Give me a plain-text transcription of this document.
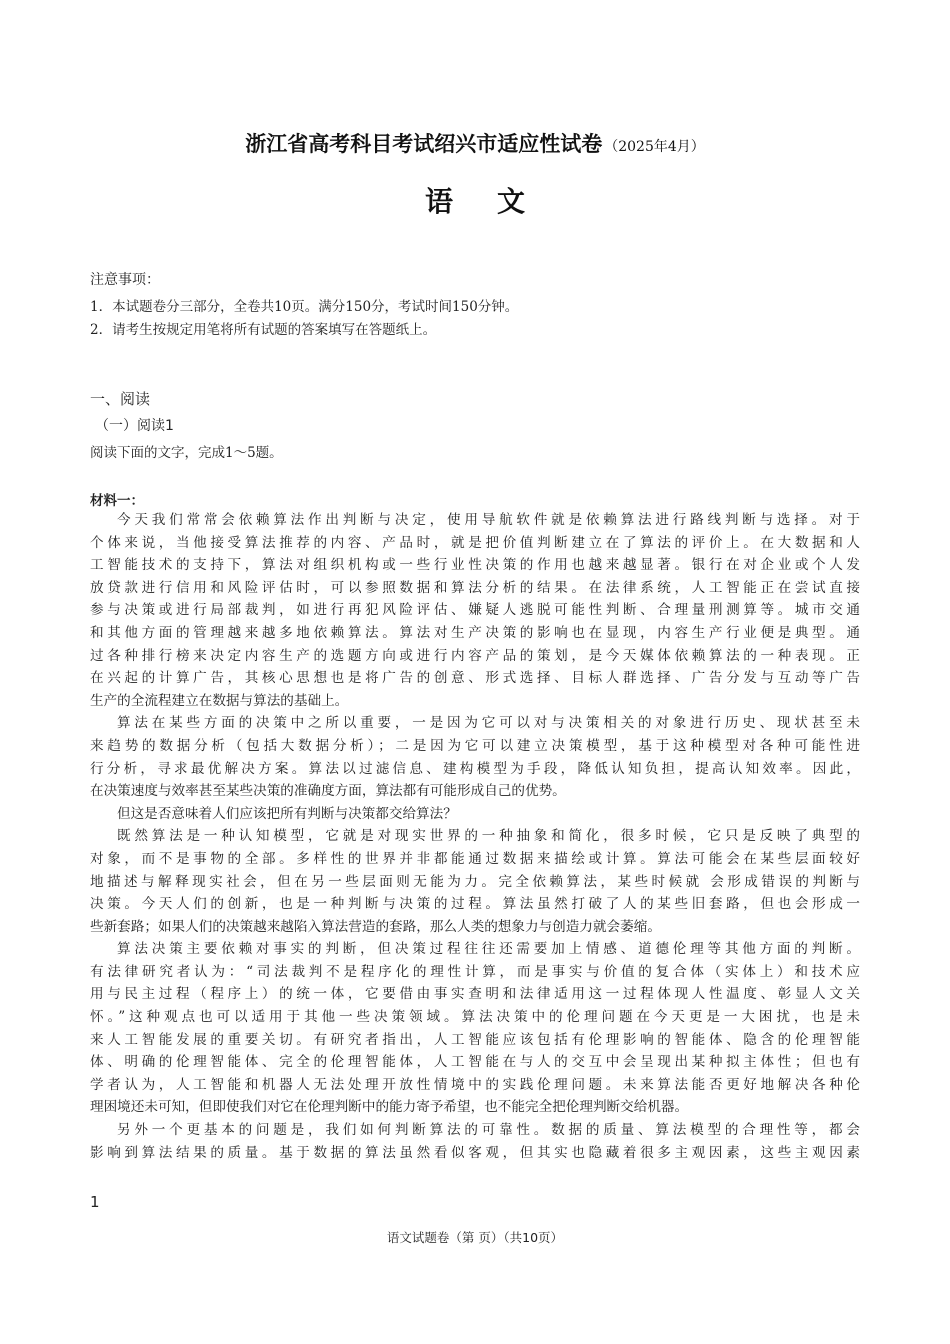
浙江省高考科目考试绍兴市适应性试卷 （2025年4月）
语文
注意事项：
1．本试题卷分三部分，全卷共10页。满分150分，考试时间150分钟。
2．请考生按规定用笔将所有试题的答案填写在答题纸上。
一、阅读
（一）阅读1
阅读下面的文字，完成1～5题。
材料一：
今天我们常常会依赖算法作出判断与决定，使用导航软件就是依赖算法进行路线判断与选择。对于
个体来说，当他接受算法推荐的内容、产品时，就是把价值判断建立在了算法的评价上。在大数据和人
工智能技术的支持下，算法对组织机构或一些行业性决策的作用也越来越显著。银行在对企业或个人发
放贷款进行信用和风险评估时，可以参照数据和算法分析的结果。在法律系统，人工智能正在尝试直接
参与决策或进行局部裁判，如进行再犯风险评估、嫌疑人逃脱可能性判断、合理量刑测算等。城市交通
和其他方面的管理越来越多地依赖算法。算法对生产决策的影响也在显现，内容生产行业便是典型。通
过各种排行榜来决定内容生产的选题方向或进行内容产品的策划，是今天媒体依赖算法的一种表现。正
在兴起的计算广告，其核心思想也是将广告的创意、形式选择、目标人群选择、广告分发与互动等广告
生产的全流程建立在数据与算法的基础上。
算法在某些方面的决策中之所以重要，一是因为它可以对与决策相关的对象进行历史、现状甚至未
来趋势的数据分析（包括大数据分析）；二是因为它可以建立决策模型，基于这种模型对各种可能性进
行分析，寻求最优解决方案。算法以过滤信息、建构模型为手段，降低认知负担，提高认知效率。因此，
在决策速度与效率甚至某些决策的准确度方面，算法都有可能形成自己的优势。
但这是否意味着人们应该把所有判断与决策都交给算法？
既然算法是一种认知模型，它就是对现实世界的一种抽象和简化，很多时候，它只是反映了典型的
对象，而不是事物的全部。多样性的世界并非都能通过数据来描绘或计算。算法可能会在某些层面较好
地描述与解释现实社会，但在另一些层面则无能为力。完全依赖算法，某些时候就 会形成错误的判断与
决策。今天人们的创新，也是一种判断与决策的过程。算法虽然打破了人的某些旧套路，但也会形成一
些新套路；如果人们的决策越来越陷入算法营造的套路，那么人类的想象力与创造力就会萎缩。
算法决策主要依赖对事实的判断，但决策过程往往还需要加上情感、道德伦理等其他方面的判断。
有法律研究者认为：“司法裁判不是程序化的理性计算，而是事实与价值的复合体（实体上）和技术应
用与民主过程（程序上）的统一体，它要借由事实查明和法律适用这一过程体现人性温度、彰显人文关
怀。”这种观点也可以适用于其他一些决策领域。算法决策中的伦理问题在今天更是一大困扰，也是未
来人工智能发展的重要关切。有研究者指出，人工智能应该包括有伦理影响的智能体、隐含的伦理智能
体、明确的伦理智能体、完全的伦理智能体，人工智能在与人的交互中会呈现出某种拟主体性；但也有
学者认为，人工智能和机器人无法处理开放性情境中的实践伦理问题。未来算法能否更好地解决各种伦
理困境还未可知，但即使我们对它在伦理判断中的能力寄予希望，也不能完全把伦理判断交给机器。
另外一个更基本的问题是，我们如何判断算法的可靠性。数据的质量、算法模型的合理性等，都会
影响到算法结果的质量。基于数据的算法虽然看似客观，但其实也隐藏着很多主观因素，这些主观因素
1
语文试题卷（第 页）（共10页）
